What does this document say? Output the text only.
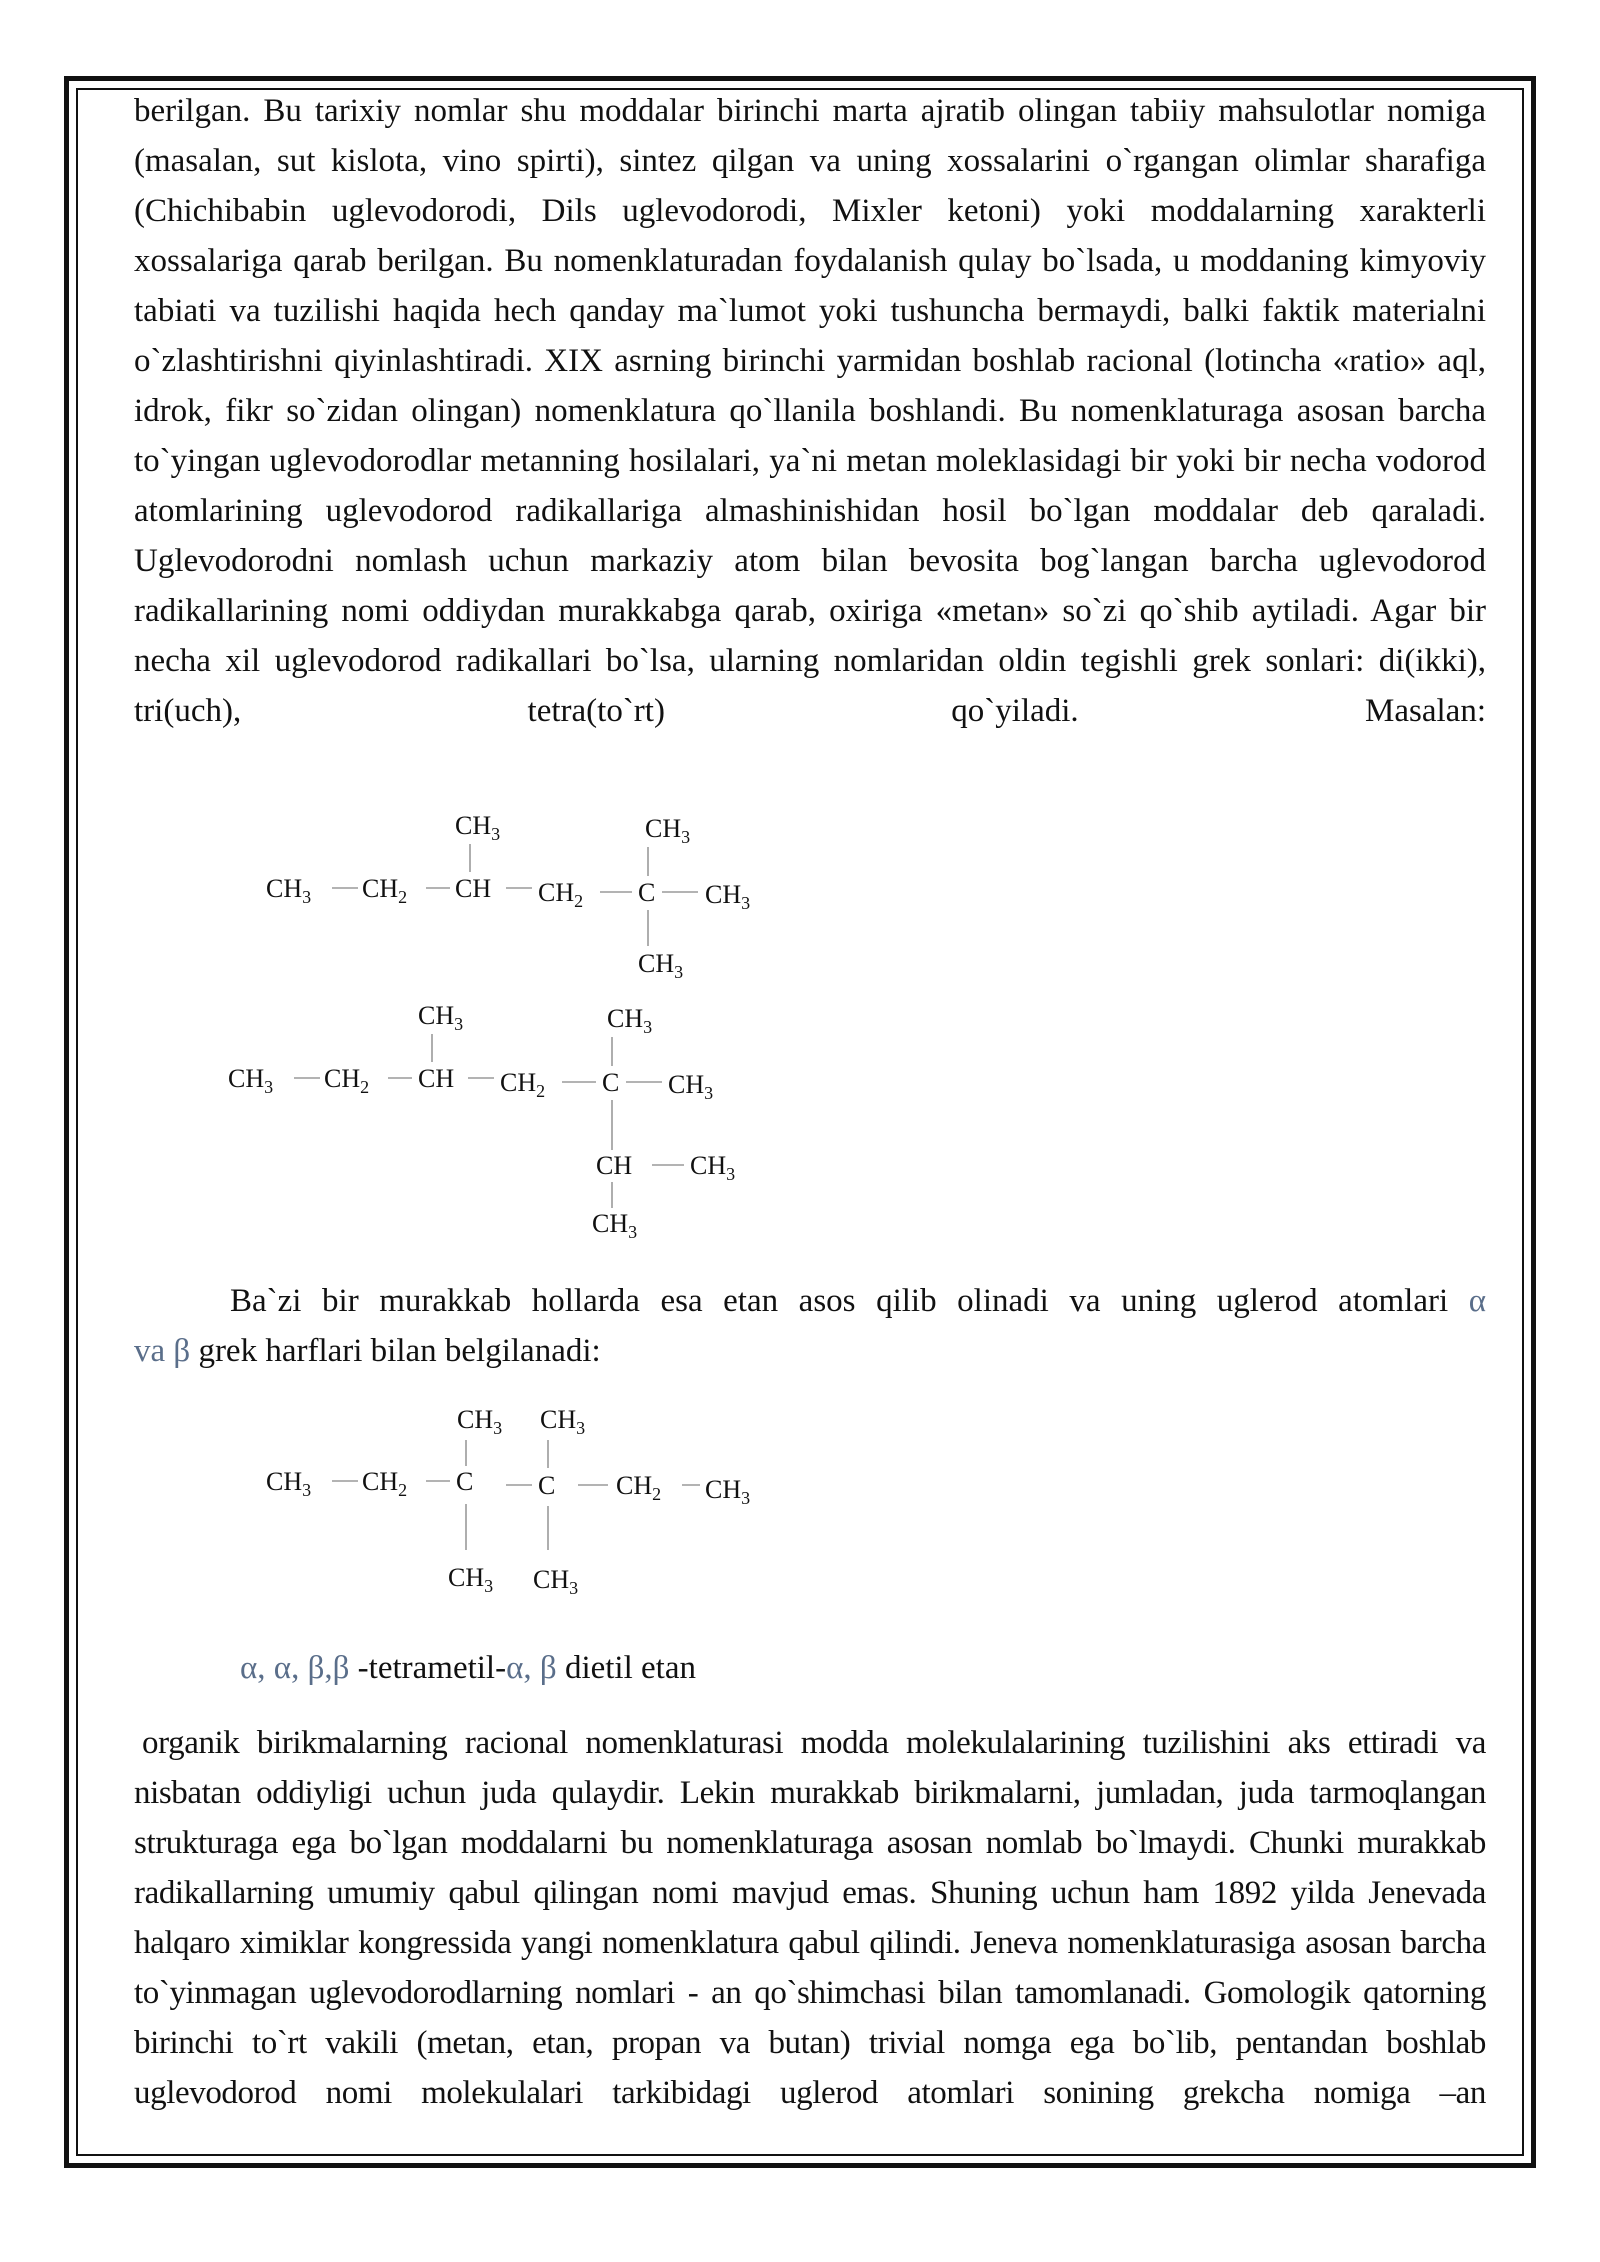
berilgan. Bu tarixiy nomlar shu moddalar birinchi marta ajratib olingan tabiiy mahsulotlar nomiga (masalan, sut kislota, vino spirti), sintez qilgan va uning xossalarini o`rgangan olimlar sharafiga (Chichibabin uglevodorodi, Dils uglevodorodi, Mixler ketoni) yoki moddalarning xarakterli xossalariga qarab berilgan. Bu nomenklaturadan foydalanish qulay bo`lsada, u moddaning kimyoviy tabiati va tuzilishi haqida hech qanday ma`lumot yoki tushuncha bermaydi, balki faktik materialni o`zlashtirishni qiyinlashtiradi. XIX asrning birinchi yarmidan boshlab racional (lotincha «ratio» aql, idrok, fikr so`zidan olingan) nomenklatura qo`llanila boshlandi. Bu nomenklaturaga asosan barcha to`yingan uglevodorodlar metanning hosilalari, ya`ni metan moleklasidagi bir yoki bir necha vodorod atomlarining uglevodorod radikallariga almashinishidan hosil bo`lgan moddalar deb qaraladi. Uglevodorodni nomlash uchun markaziy atom bilan bevosita bog`langan barcha uglevodorod radikallarining nomi oddiydan murakkabga qarab, oxiriga «metan» so`zi qo`shib aytiladi. Agar bir necha xil uglevodorod radikallari bo`lsa, ularning nomlaridan oldin tegishli grek sonlari: di(ikki), tri(uch), tetra(to`rt) qo`yiladi. Masalan:

$CH_3$	$CH_3$
$CH_3$ $CH_2$ CH $CH_2$ C $CH_3$
$CH_3$
$CH_3$	$CH_3$
$CH_3$ $CH_2$ CH $CH_2$ C $CH_3$
CH $CH_3$
$CH_3$

Ba`zi bir murakkab hollarda esa etan asos qilib olinadi va uning uglerod atomlari α

va β grek harflari bilan belgilanadi:

$CH_3$ $CH_3$
$CH_3$ $CH_2$ C C $CH_2$ $CH_3$
$CH_3$ $CH_3$
α, α, β,β -tetrametil-α, β dietil etan

organik birikmalarning racional nomenklaturasi modda molekulalarining tuzilishini aks ettiradi va nisbatan oddiyligi uchun juda qulaydir. Lekin murakkab birikmalarni, jumladan, juda tarmoqlangan strukturaga ega bo`lgan moddalarni bu nomenklaturaga asosan nomlab bo`lmaydi. Chunki murakkab radikallarning umumiy qabul qilingan nomi mavjud emas. Shuning uchun ham 1892 yilda Jenevada halqaro ximiklar kongressida yangi nomenklatura qabul qilindi. Jeneva nomenklaturasiga asosan barcha to`yinmagan uglevodorodlarning nomlari - an qo`shimchasi bilan tamomlanadi. Gomologik qatorning birinchi to`rt vakili (metan, etan, propan va butan) trivial nomga ega bo`lib, pentandan boshlab uglevodorod nomi molekulalari tarkibidagi uglerod atomlari sonining grekcha nomiga –an
